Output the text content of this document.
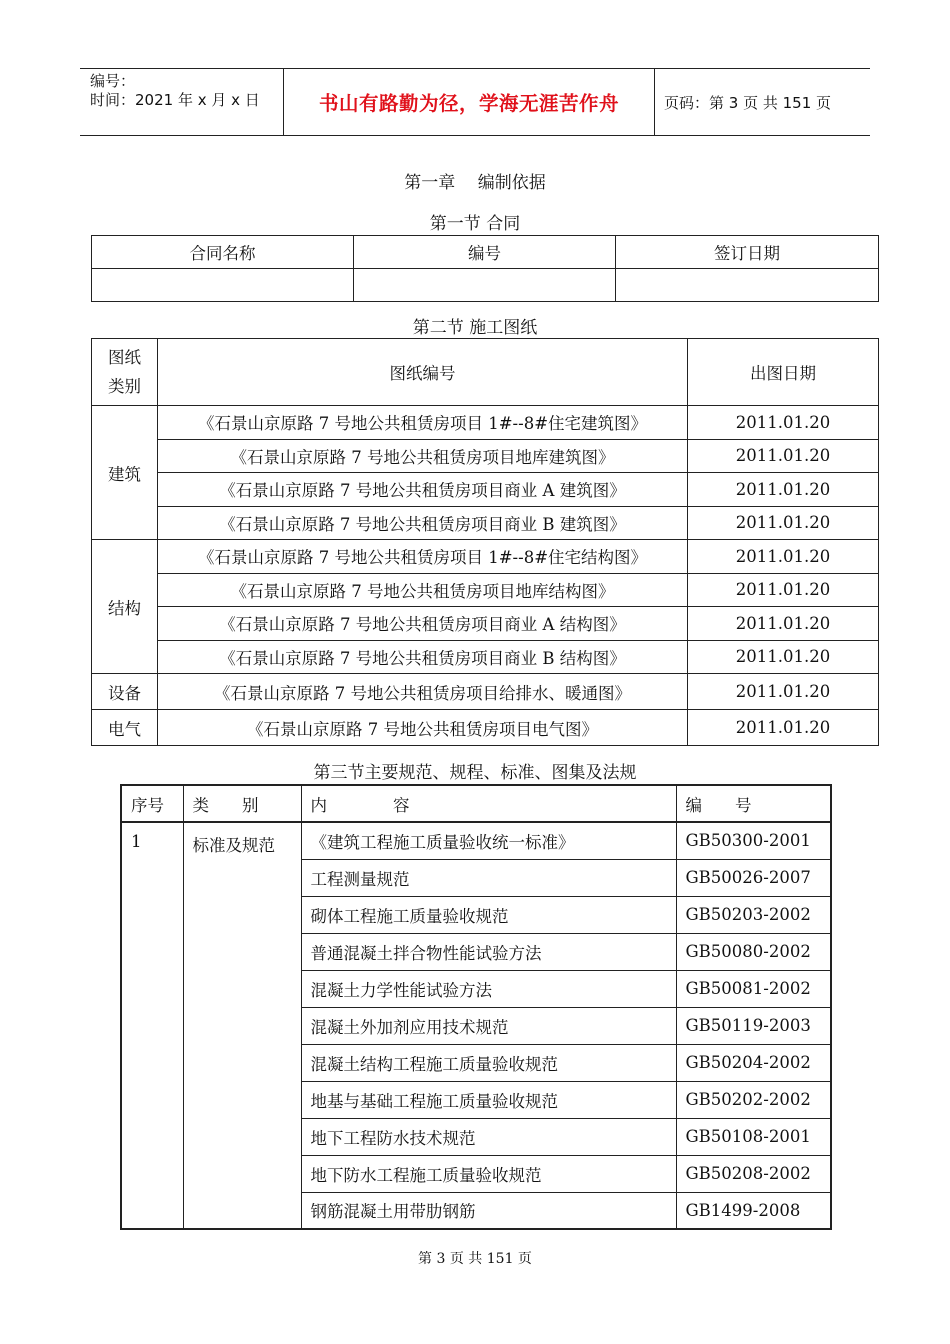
编号：
时间：2021 年 x 月 x 日	书山有路勤为径，学海无涯苦作舟	页码：第 3 页 共 151 页
第一章　 编制依据
第一节 合同
合同名称	编号	签订日期

第二节 施工图纸
图纸类别	图纸编号	出图日期
建筑	《石景山京原路 7 号地公共租赁房项目 1#--8#住宅建筑图》	2011.01.20
	《石景山京原路 7 号地公共租赁房项目地库建筑图》	2011.01.20
	《石景山京原路 7 号地公共租赁房项目商业 A 建筑图》	2011.01.20
	《石景山京原路 7 号地公共租赁房项目商业 B 建筑图》	2011.01.20
结构	《石景山京原路 7 号地公共租赁房项目 1#--8#住宅结构图》	2011.01.20
	《石景山京原路 7 号地公共租赁房项目地库结构图》	2011.01.20
	《石景山京原路 7 号地公共租赁房项目商业 A 结构图》	2011.01.20
	《石景山京原路 7 号地公共租赁房项目商业 B 结构图》	2011.01.20
设备	《石景山京原路 7 号地公共租赁房项目给排水、暖通图》	2011.01.20
电气	《石景山京原路 7 号地公共租赁房项目电气图》	2011.01.20
第三节主要规范、规程、标准、图集及法规
序号	类　　别	内　　　　容	编　　号
1	标准及规范	《建筑工程施工质量验收统一标准》	GB50300-2001
		工程测量规范	GB50026-2007
		砌体工程施工质量验收规范	GB50203-2002
		普通混凝土拌合物性能试验方法	GB50080-2002
		混凝土力学性能试验方法	GB50081-2002
		混凝土外加剂应用技术规范	GB50119-2003
		混凝土结构工程施工质量验收规范	GB50204-2002
		地基与基础工程施工质量验收规范	GB50202-2002
		地下工程防水技术规范	GB50108-2001
		地下防水工程施工质量验收规范	GB50208-2002
		钢筋混凝土用带肋钢筋	GB1499-2008
第 3 页 共 151 页
